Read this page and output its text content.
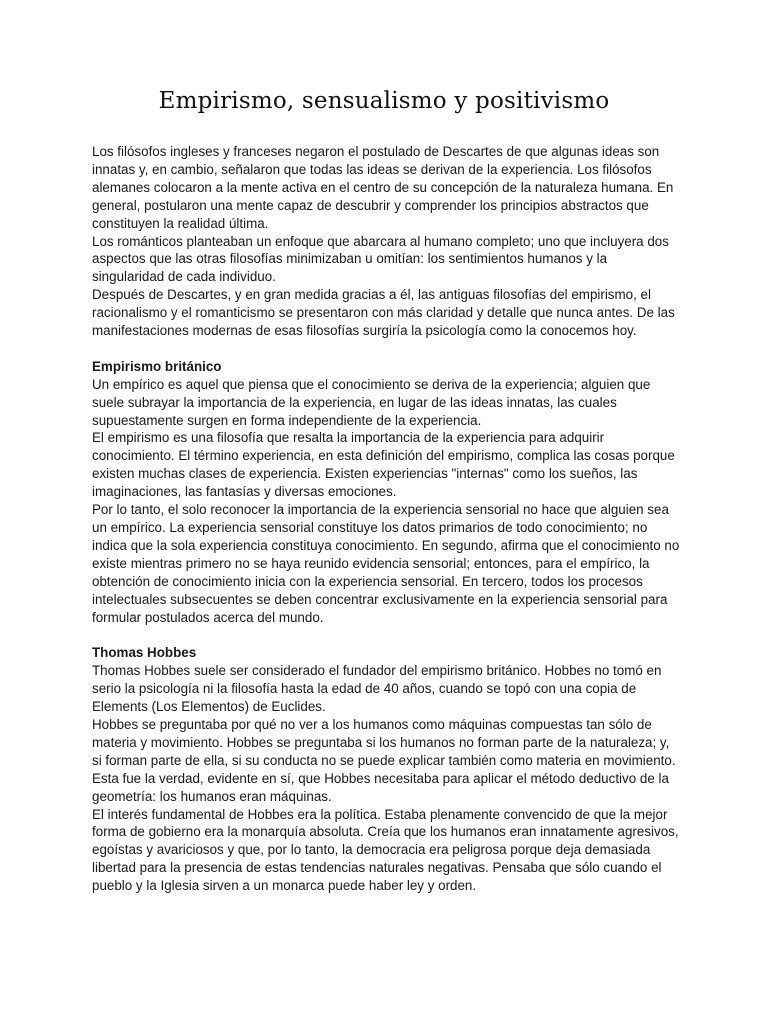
Empirismo, sensualismo y positivismo

Los filósofos ingleses y franceses negaron el postulado de Descartes de que algunas ideas son innatas y, en cambio, señalaron que todas las ideas se derivan de la experiencia. Los filósofos alemanes colocaron a la mente activa en el centro de su concepción de la naturaleza humana. En general, postularon una mente capaz de descubrir y comprender los principios abstractos que constituyen la realidad última.

Los románticos planteaban un enfoque que abarcara al humano completo; uno que incluyera dos aspectos que las otras filosofías minimizaban u omitían: los sentimientos humanos y la singularidad de cada individuo.

Después de Descartes, y en gran medida gracias a él, las antiguas filosofías del empirismo, el racionalismo y el romanticismo se presentaron con más claridad y detalle que nunca antes. De las manifestaciones modernas de esas filosofías surgiría la psicología como la conocemos hoy.

Empirismo británico

Un empírico es aquel que piensa que el conocimiento se deriva de la experiencia; alguien que suele subrayar la importancia de la experiencia, en lugar de las ideas innatas, las cuales supuestamente surgen en forma independiente de la experiencia.

El empirismo es una filosofía que resalta la importancia de la experiencia para adquirir conocimiento. El término experiencia, en esta definición del empirismo, complica las cosas porque existen muchas clases de experiencia. Existen experiencias "internas" como los sueños, las imaginaciones, las fantasías y diversas emociones.

Por lo tanto, el solo reconocer la importancia de la experiencia sensorial no hace que alguien sea un empírico. La experiencia sensorial constituye los datos primarios de todo conocimiento; no indica que la sola experiencia constituya conocimiento. En segundo, afirma que el conocimiento no existe mientras primero no se haya reunido evidencia sensorial; entonces, para el empírico, la obtención de conocimiento inicia con la experiencia sensorial. En tercero, todos los procesos intelectuales subsecuentes se deben concentrar exclusivamente en la experiencia sensorial para formular postulados acerca del mundo.

Thomas Hobbes

Thomas Hobbes suele ser considerado el fundador del empirismo británico. Hobbes no tomó en serio la psicología ni la filosofía hasta la edad de 40 años, cuando se topó con una copia de Elements (Los Elementos) de Euclides.

Hobbes se preguntaba por qué no ver a los humanos como máquinas compuestas tan sólo de materia y movimiento. Hobbes se preguntaba si los humanos no forman parte de la naturaleza; y, si forman parte de ella, si su conducta no se puede explicar también como materia en movimiento. Esta fue la verdad, evidente en sí, que Hobbes necesitaba para aplicar el método deductivo de la geometría: los humanos eran máquinas.

El interés fundamental de Hobbes era la política. Estaba plenamente convencido de que la mejor forma de gobierno era la monarquía absoluta. Creía que los humanos eran innatamente agresivos, egoístas y avariciosos y que, por lo tanto, la democracia era peligrosa porque deja demasiada libertad para la presencia de estas tendencias naturales negativas. Pensaba que sólo cuando el pueblo y la Iglesia sirven a un monarca puede haber ley y orden.
